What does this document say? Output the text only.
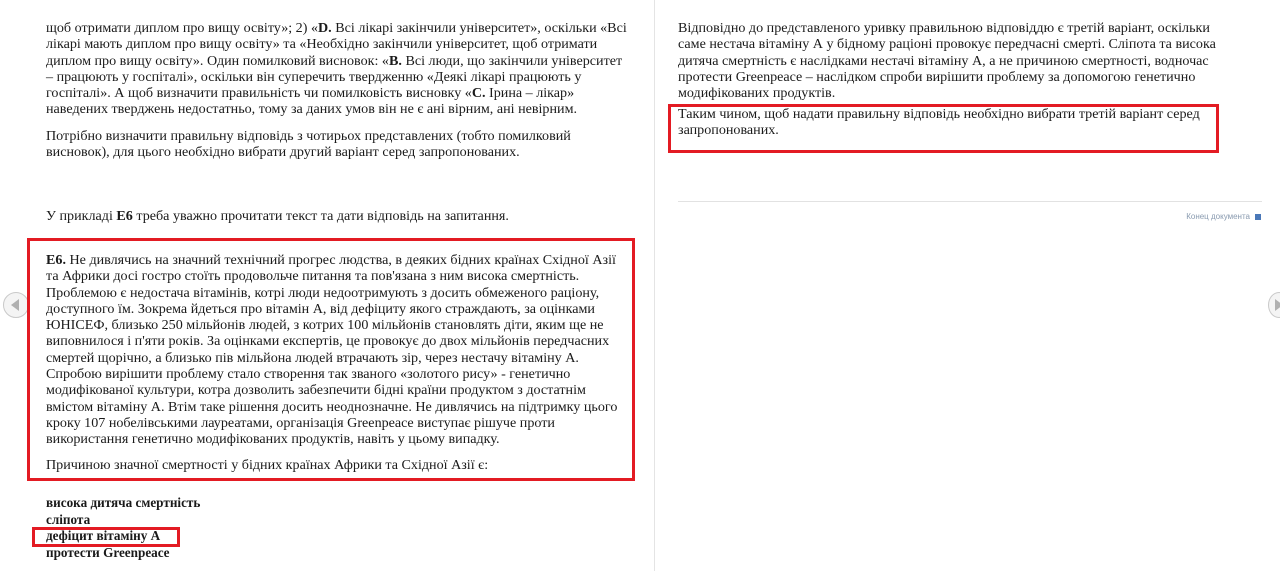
щоб отримати диплом про вищу освіту»; 2) «D. Всі лікарі закінчили університет», оскільки «Всі лікарі мають диплом про вищу освіту» та «Необхідно закінчили університет, щоб отримати диплом про вищу освіту». Один помилковий висновок: «B. Всі люди, що закінчили університет – працюють у госпіталі», оскільки він суперечить твердженню «Деякі лікарі працюють у госпіталі». А щоб визначити правильність чи помилковість висновку «C. Ірина – лікар» наведених тверджень недостатньо, тому за даних умов він не є ані вірним, ані невірним.

Потрібно визначити правильну відповідь з чотирьох представлених (тобто помилковий висновок), для цього необхідно вибрати другий варіант серед запропонованих.

У прикладі Е6 треба уважно прочитати текст та дати відповідь на запитання.

Е6. Не дивлячись на значний технічний прогрес людства, в деяких бідних країнах Східної Азії та Африки досі гостро стоїть продовольче питання та пов'язана з ним висока смертність. Проблемою є недостача вітамінів, котрі люди недоотримують з досить обмеженого раціону, доступного їм. Зокрема йдеться про вітамін А, від дефіциту якого страждають, за оцінками ЮНІСЕФ, близько 250 мільйонів людей, з котрих 100 мільйонів становлять діти, яким ще не виповнилося і п'яти років. За оцінками експертів, це провокує до двох мільйонів передчасних смертей щорічно, а близько пів мільйона людей втрачають зір, через нестачу вітаміну А. Спробою вирішити проблему стало створення так званого «золотого рису» - генетично модифікованої культури, котра дозволить забезпечити бідні країни продуктом з достатнім вмістом вітаміну А. Втім таке рішення досить неоднозначне. Не дивлячись на підтримку цього кроку 107 нобелівськими лауреатами, організація Greenpeace виступає рішуче проти використання генетично модифікованих продуктів, навіть у цьому випадку.

Причиною значної смертності у бідних країнах Африки та Східної Азії є:

висока дитяча смертність
сліпота
дефіцит вітаміну А
протести Greenpeace

Відповідно до представленого уривку правильною відповіддю є третій варіант, оскільки саме нестача вітаміну А у бідному раціоні провокує передчасні смерті. Сліпота та висока дитяча смертність є наслідками нестачі вітаміну А, а не причиною смертності, водночас протести Greenpeace – наслідком спроби вирішити проблему за допомогою генетично модифікованих продуктів.

Таким чином, щоб надати правильну відповідь необхідно вибрати третій варіант серед запропонованих.

Конец документа
